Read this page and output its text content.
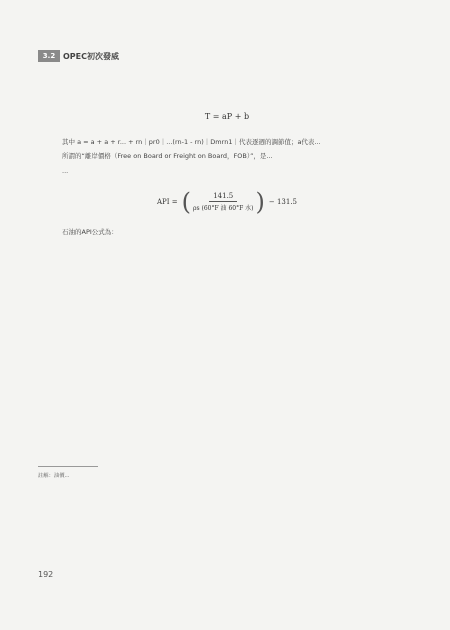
3.2 OPEC初次發威
T = aP + b

其中 a = a + a + r... + rn｜pr0｜...(rn-1 - rn)｜Dmrn1｜代表逐週的調節值；a代表...

所謂的“離岸價格（Free on Board or Freight on Board，FOB）”，是...

...

API = ( $\frac{141.5}{\text{ρs (60°F 油 60°F 水)}}$ ) − 131.5

石油的API公式為：

註解：油價...

192
